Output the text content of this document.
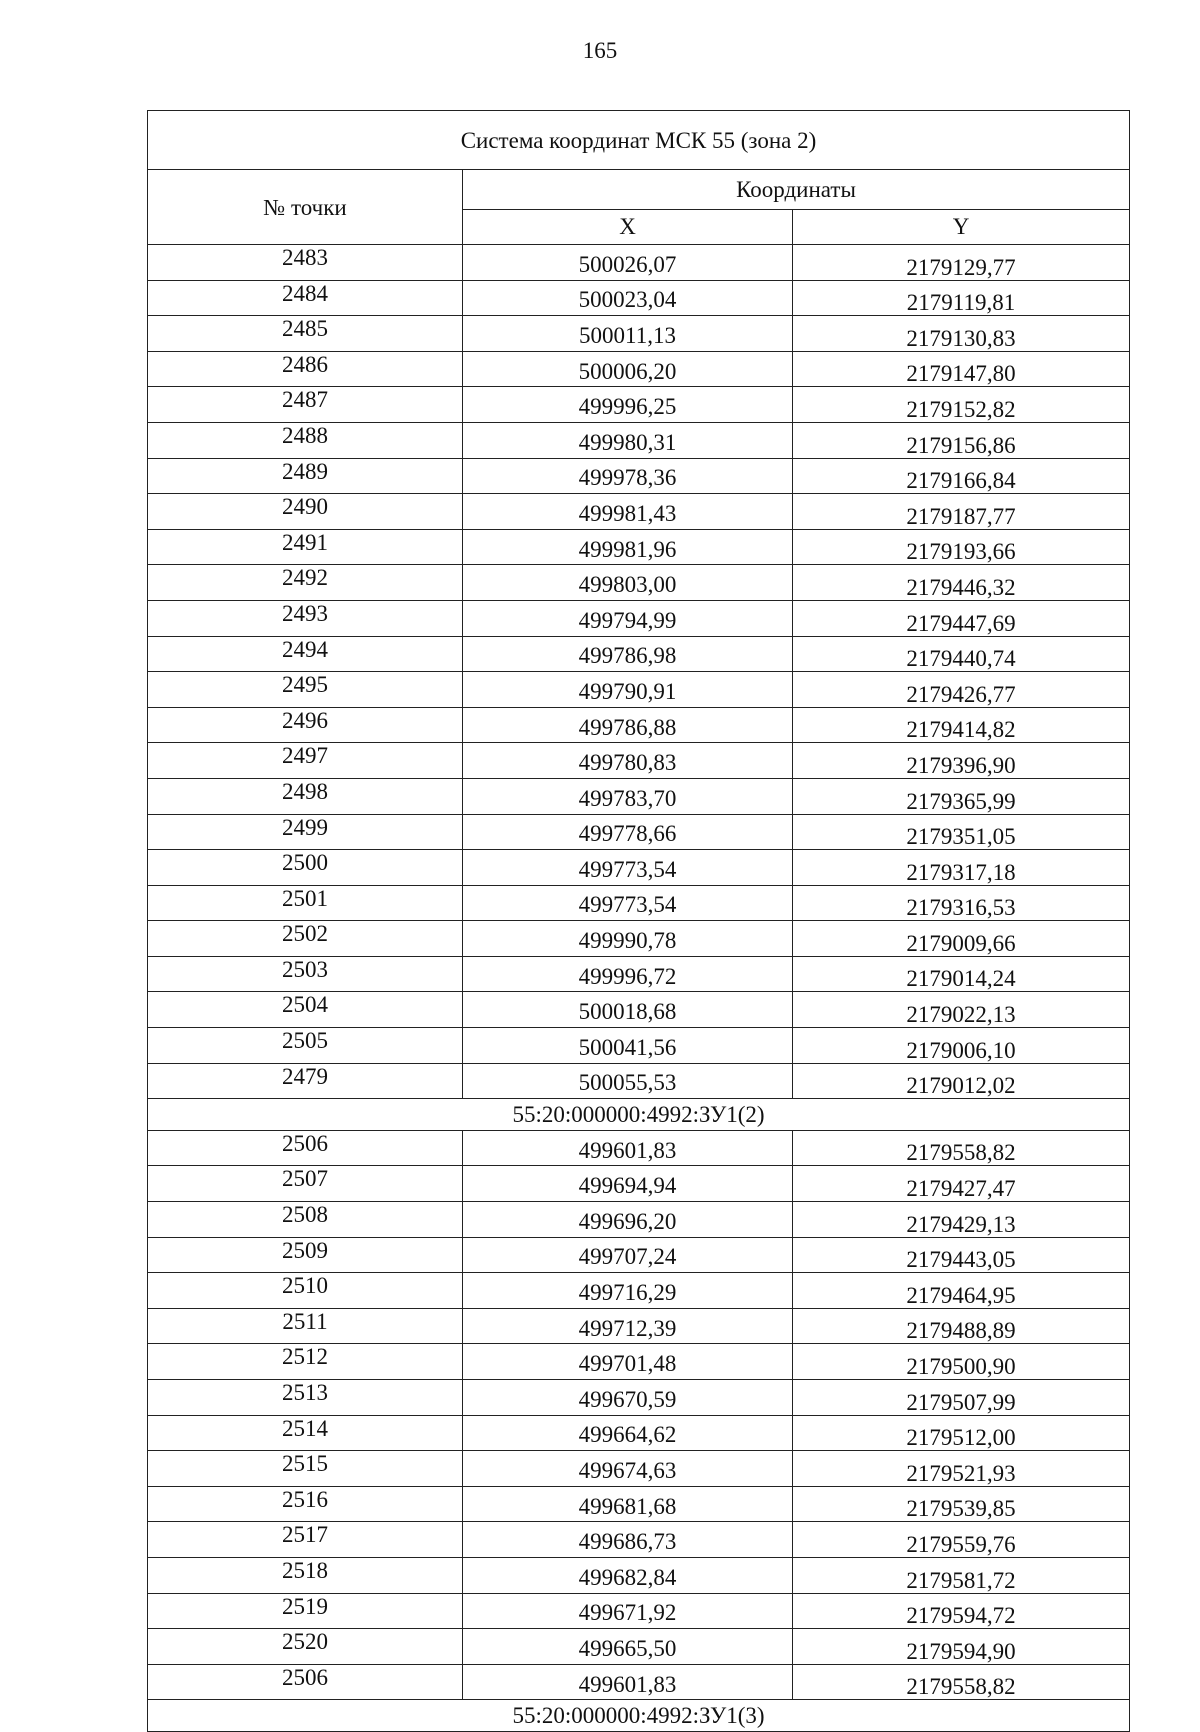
165
Система координат МСК 55 (зона 2)		
№ точки	Координаты	
	X	Y
2483	500026,07	2179129,77
2484	500023,04	2179119,81
2485	500011,13	2179130,83
2486	500006,20	2179147,80
2487	499996,25	2179152,82
2488	499980,31	2179156,86
2489	499978,36	2179166,84
2490	499981,43	2179187,77
2491	499981,96	2179193,66
2492	499803,00	2179446,32
2493	499794,99	2179447,69
2494	499786,98	2179440,74
2495	499790,91	2179426,77
2496	499786,88	2179414,82
2497	499780,83	2179396,90
2498	499783,70	2179365,99
2499	499778,66	2179351,05
2500	499773,54	2179317,18
2501	499773,54	2179316,53
2502	499990,78	2179009,66
2503	499996,72	2179014,24
2504	500018,68	2179022,13
2505	500041,56	2179006,10
2479	500055,53	2179012,02
55:20:000000:4992:ЗУ1(2)		
2506	499601,83	2179558,82
2507	499694,94	2179427,47
2508	499696,20	2179429,13
2509	499707,24	2179443,05
2510	499716,29	2179464,95
2511	499712,39	2179488,89
2512	499701,48	2179500,90
2513	499670,59	2179507,99
2514	499664,62	2179512,00
2515	499674,63	2179521,93
2516	499681,68	2179539,85
2517	499686,73	2179559,76
2518	499682,84	2179581,72
2519	499671,92	2179594,72
2520	499665,50	2179594,90
2506	499601,83	2179558,82
55:20:000000:4992:ЗУ1(3)		
